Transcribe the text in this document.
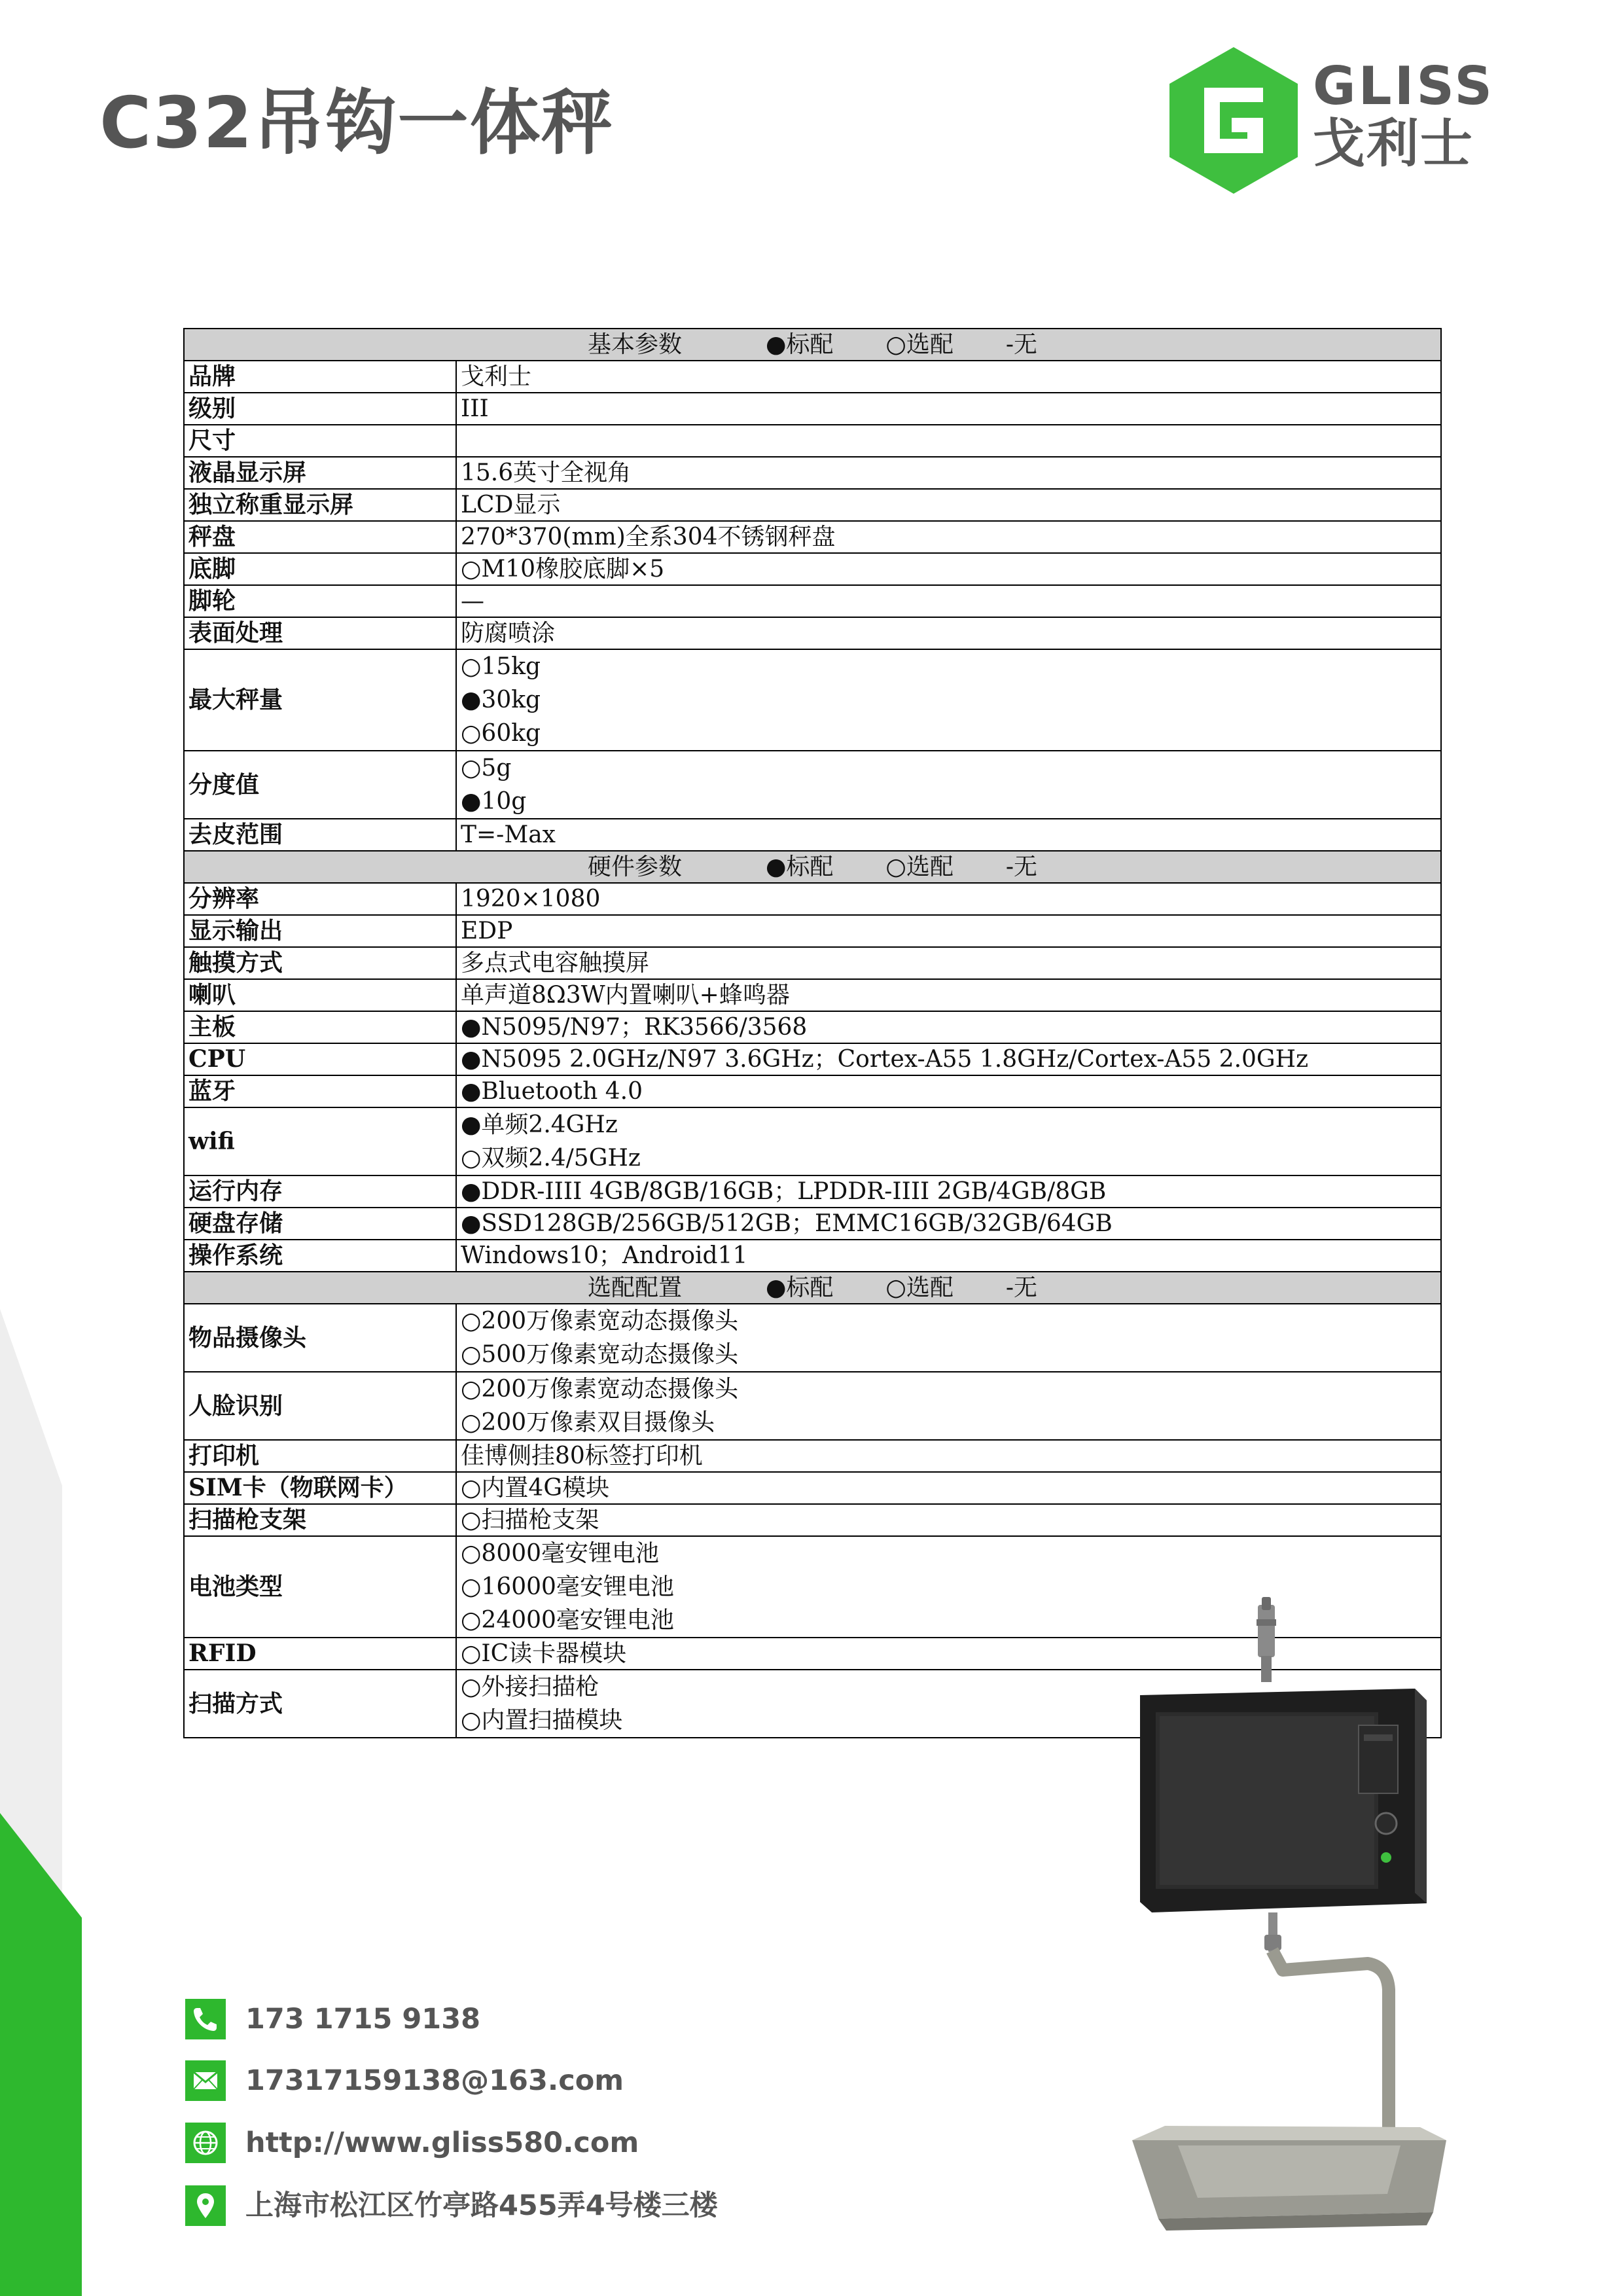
C32吊钩一体秤	GLISS
戈利士
基本参数 ●标配 ○选配 -无	
品牌	戈利士
级别	III
尺寸	
液晶显示屏	15.6英寸全视角
独立称重显示屏	LCD显示
秤盘	270*370(mm)全系304不锈钢秤盘
底脚	○M10橡胶底脚×5
脚轮	—
表面处理	防腐喷涂
最大秤量	○15kg
●30kg
○60kg

分度值	○5g
●10g

去皮范围	T=-Max
硬件参数 ●标配 ○选配 -无	
分辨率	1920×1080
显示输出	EDP
触摸方式	多点式电容触摸屏
喇叭	单声道8Ω3W内置喇叭+蜂鸣器
主板	●N5095/N97；RK3566/3568
CPU	●N5095 2.0GHz/N97 3.6GHz；Cortex-A55 1.8GHz/Cortex-A55 2.0GHz
蓝牙	●Bluetooth 4.0
wifi	●单频2.4GHz
○双频2.4/5GHz

运行内存	●DDR-IIII 4GB/8GB/16GB；LPDDR-IIII 2GB/4GB/8GB
硬盘存储	●SSD128GB/256GB/512GB；EMMC16GB/32GB/64GB
操作系统	Windows10；Android11
选配配置 ●标配 ○选配 -无	
物品摄像头	○200万像素宽动态摄像头
○500万像素宽动态摄像头

人脸识别	○200万像素宽动态摄像头
○200万像素双目摄像头

打印机	佳博侧挂80标签打印机
SIM卡（物联网卡）	○内置4G模块
扫描枪支架	○扫描枪支架
电池类型	○8000毫安锂电池
○16000毫安锂电池
○24000毫安锂电池

RFID	○IC读卡器模块
扫描方式	○外接扫描枪
○内置扫描模块
173 1715 9138
17317159138@163.com
http://www.gliss580.com
上海市松江区竹亭路455弄4号楼三楼
